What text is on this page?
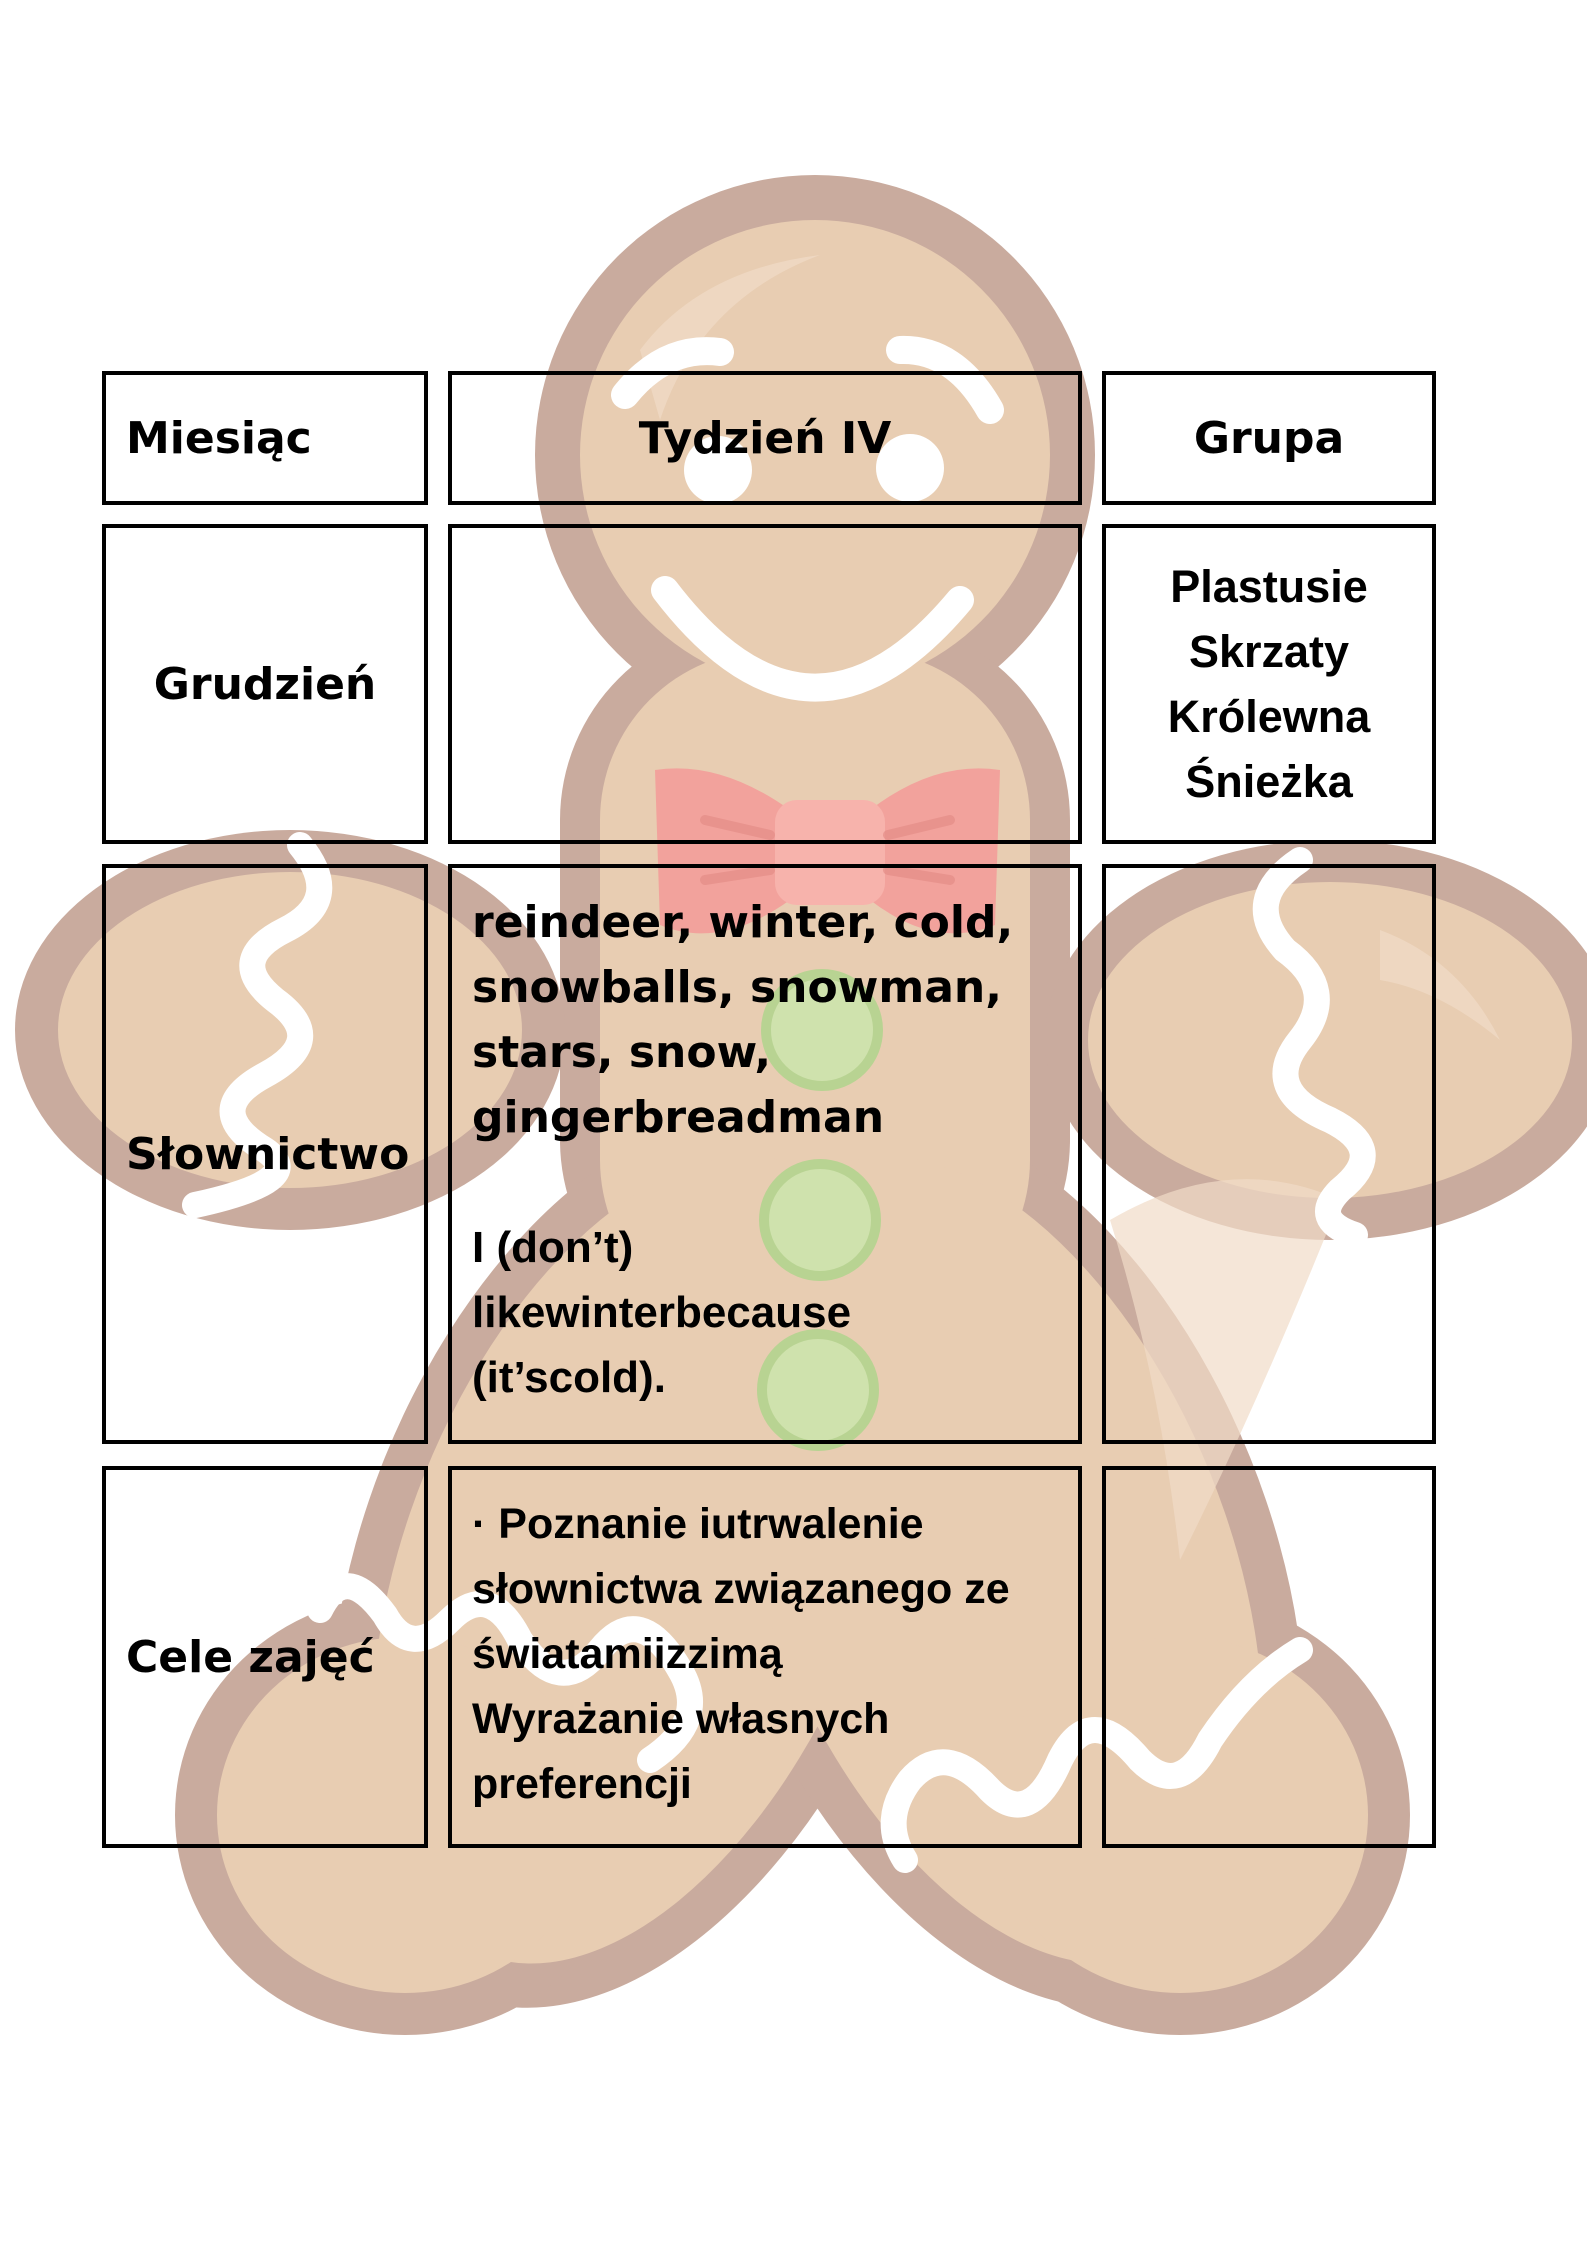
Miesiąc	Tydzień IV	Grupa
Grudzień
Plastusie
Skrzaty
Królewna
Śnieżka
Słownictwo
reindeer, winter, cold,
snowballs, snowman,
stars, snow,
gingerbreadman
I (don’t)
likewinterbecause
(it’scold).
Cele zajęć
· Poznanie iutrwalenie
słownictwa związanego ze
światamiizzimą
Wyrażanie własnych
preferencji
